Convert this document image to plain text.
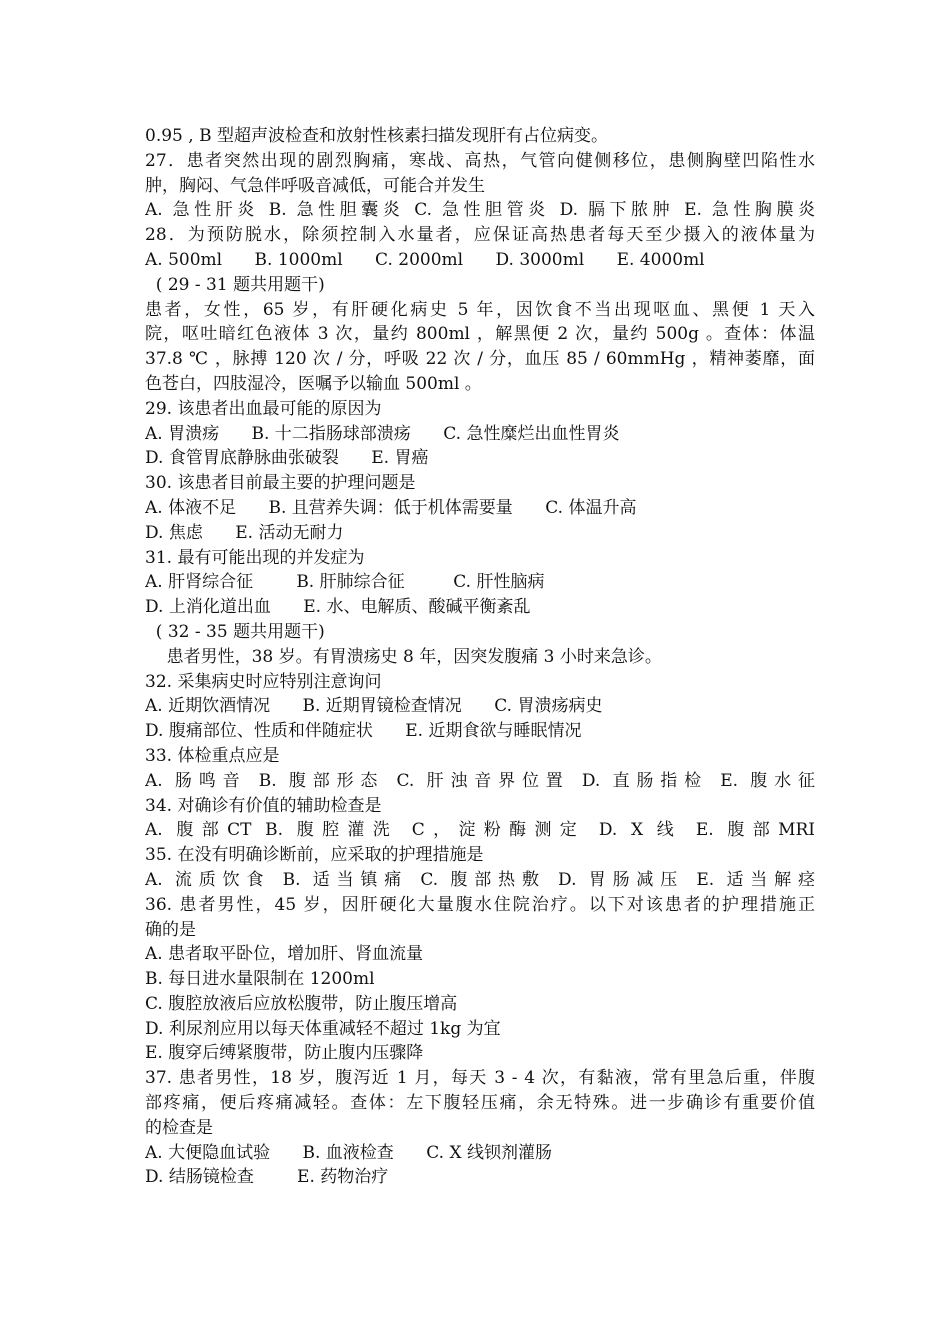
0.95 , B 型超声波检查和放射性核素扫描发现肝有占位病变。
27．患者突然出现的剧烈胸痛，寒战、高热，气管向健侧移位，患侧胸壁凹陷性水
肿，胸闷、气急伴呼吸音减低，可能合并发生
A. 急性肝炎 B. 急性胆囊炎 C. 急性胆管炎 D. 膈下脓肿 E. 急性胸膜炎
28．为预防脱水，除须控制入水量者，应保证高热患者每天至少摄入的液体量为
A. 500ml      B. 1000ml      C. 2000ml      D. 3000ml      E. 4000ml
( 29 - 31 题共用题干)
患者，女性，65 岁，有肝硬化病史 5 年，因饮食不当出现呕血、黑便 1 天入
院，呕吐暗红色液体 3 次，量约 800ml ，解黑便 2 次，量约 500g 。查体：体温
37.8 ℃ ，脉搏 120 次 / 分，呼吸 22 次 / 分，血压 85 / 60mmHg ，精神萎靡，面
色苍白，四肢湿冷，医嘱予以输血 500ml 。
29. 该患者出血最可能的原因为
A. 胃溃疡      B. 十二指肠球部溃疡      C. 急性糜烂出血性胃炎
D. 食管胃底静脉曲张破裂      E. 胃癌
30. 该患者目前最主要的护理问题是
A. 体液不足      B. 且营养失调：低于机体需要量      C. 体温升高
D. 焦虑      E. 活动无耐力
31. 最有可能出现的并发症为
A. 肝肾综合征        B. 肝肺综合征         C. 肝性脑病
D. 上消化道出血      E. 水、电解质、酸碱平衡紊乱
( 32 - 35 题共用题干)
患者男性，38 岁。有胃溃疡史 8 年，因突发腹痛 3 小时来急诊。
32. 采集病史时应特别注意询问
A. 近期饮酒情况      B. 近期胃镜检查情况      C. 胃溃疡病史
D. 腹痛部位、性质和伴随症状      E. 近期食欲与睡眠情况
33. 体检重点应是
A. 肠鸣音 B. 腹部形态 C. 肝浊音界位置 D. 直肠指检 E. 腹水征
34. 对确诊有价值的辅助检查是
A. 腹部CT B. 腹腔灌洗 C，淀粉酶测定 D. X 线 E. 腹部MRI
35. 在没有明确诊断前，应采取的护理措施是
A. 流质饮食 B. 适当镇痛 C. 腹部热敷 D. 胃肠减压 E. 适当解痉
36. 患者男性，45 岁，因肝硬化大量腹水住院治疗。以下对该患者的护理措施正
确的是
A. 患者取平卧位，增加肝、肾血流量
B. 每日进水量限制在 1200ml
C. 腹腔放液后应放松腹带，防止腹压增高
D. 利尿剂应用以每天体重减轻不超过 1kg 为宜
E. 腹穿后缚紧腹带，防止腹内压骤降
37. 患者男性，18 岁，腹泻近 1 月，每天 3 - 4 次，有黏液，常有里急后重，伴腹
部疼痛，便后疼痛减轻。查体：左下腹轻压痛，余无特殊。进一步确诊有重要价值
的检查是
A. 大便隐血试验      B. 血液检查      C. X 线钡剂灌肠
D. 结肠镜检查        E. 药物治疗
